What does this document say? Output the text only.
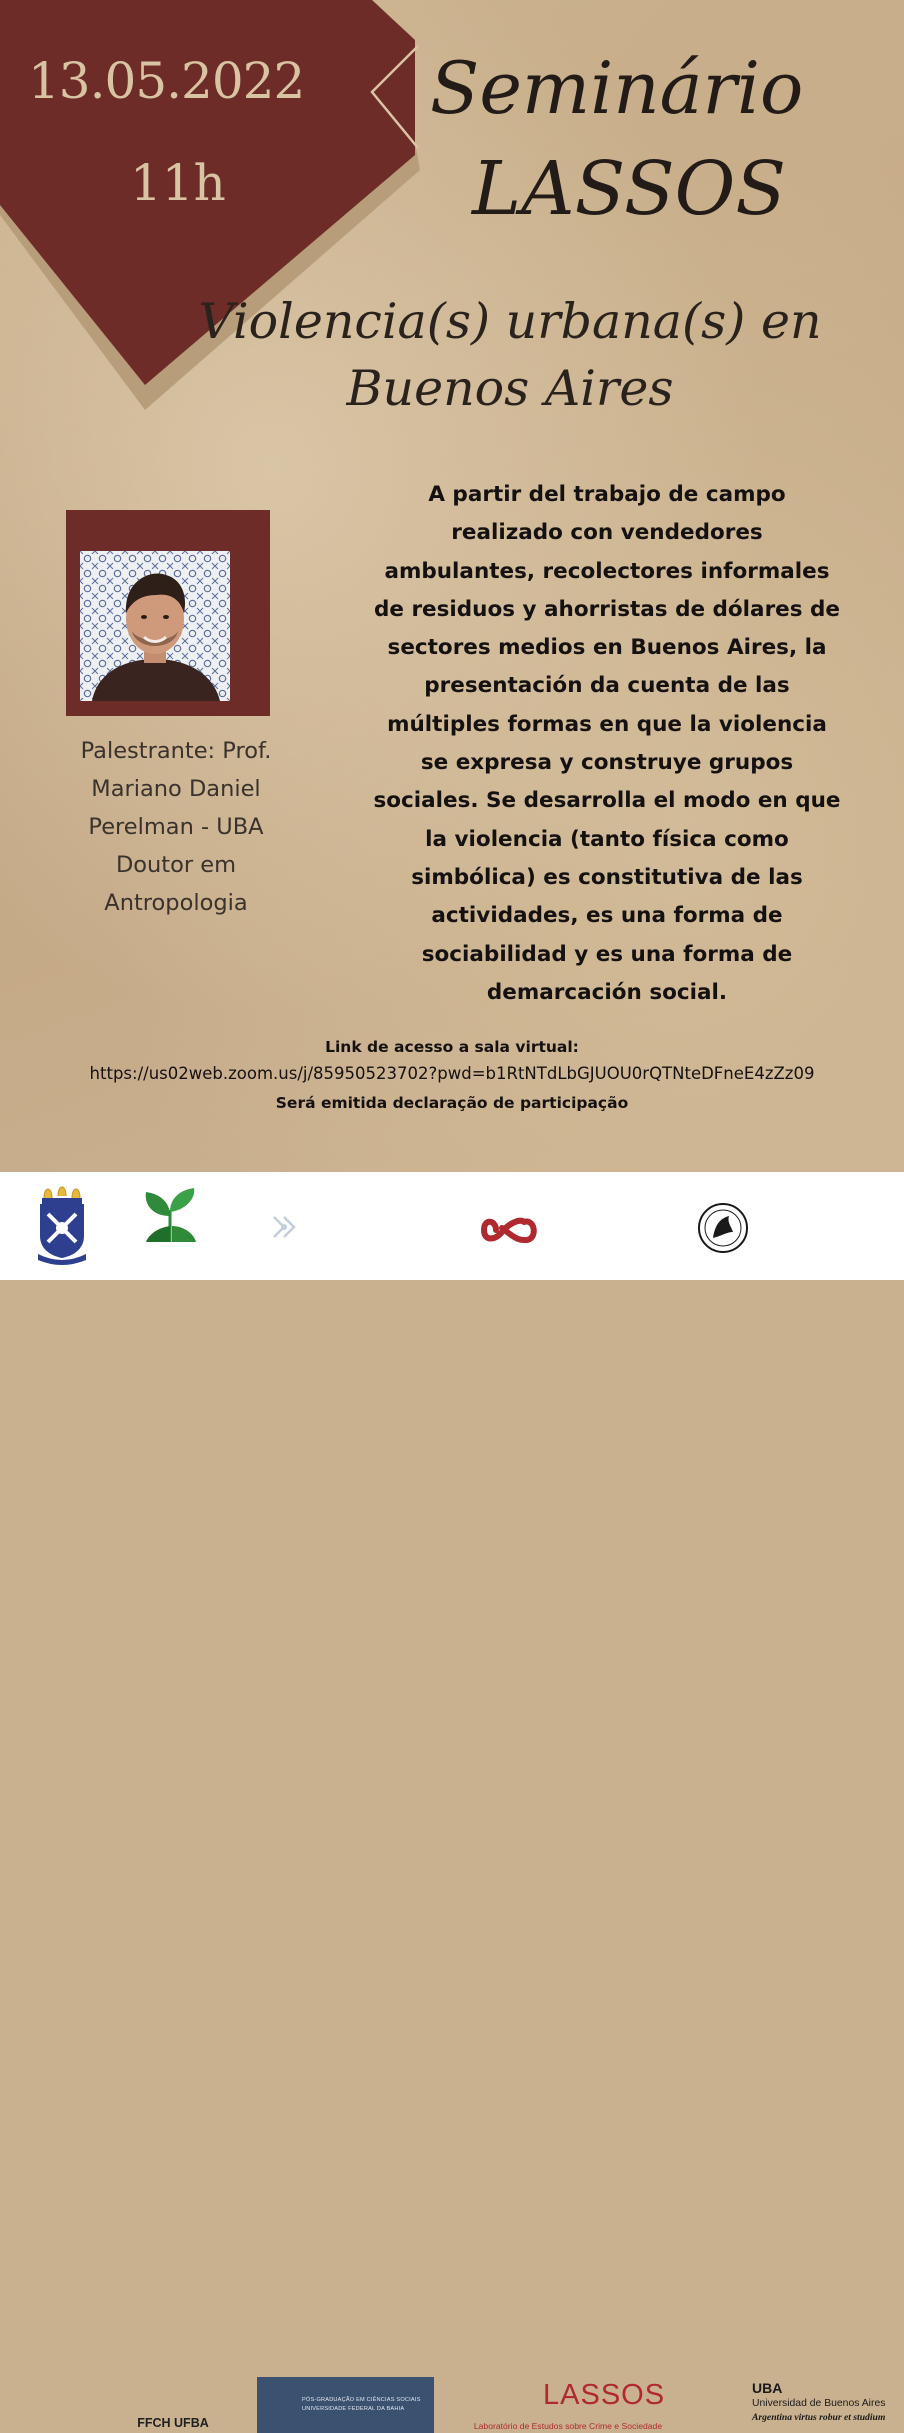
13.05.2022
11h
Seminário
LASSOS
Violencia(s) urbana(s) en
Buenos Aires
Palestrante: Prof.
Mariano Daniel
Perelman - UBA
Doutor em
Antropologia
A partir del trabajo de campo
realizado con vendedores
ambulantes, recolectores informales
de residuos y ahorristas de dólares de
sectores medios en Buenos Aires, la
presentación da cuenta de las
múltiples formas en que la violencia
se expresa y construye grupos
sociales. Se desarrolla el modo en que
la violencia (tanto física como
simbólica) es constitutiva de las
actividades, es una forma de
sociabilidad y es una forma de
demarcación social.
Link de acesso a sala virtual:
https://us02web.zoom.us/j/85950523702?pwd=b1RtNTdLbGJUOU0rQTNteDFneE4zZz09
Será emitida declaração de participação
FFCH UFBA
PÓS-GRADUAÇÃO EM CIÊNCIAS SOCIAIS
UNIVERSIDADE FEDERAL DA BAHIA	LASSOS
Laboratório de Estudos sobre Crime e Sociedade
UBA
Universidad de Buenos Aires
Argentina virtus robur et studium
